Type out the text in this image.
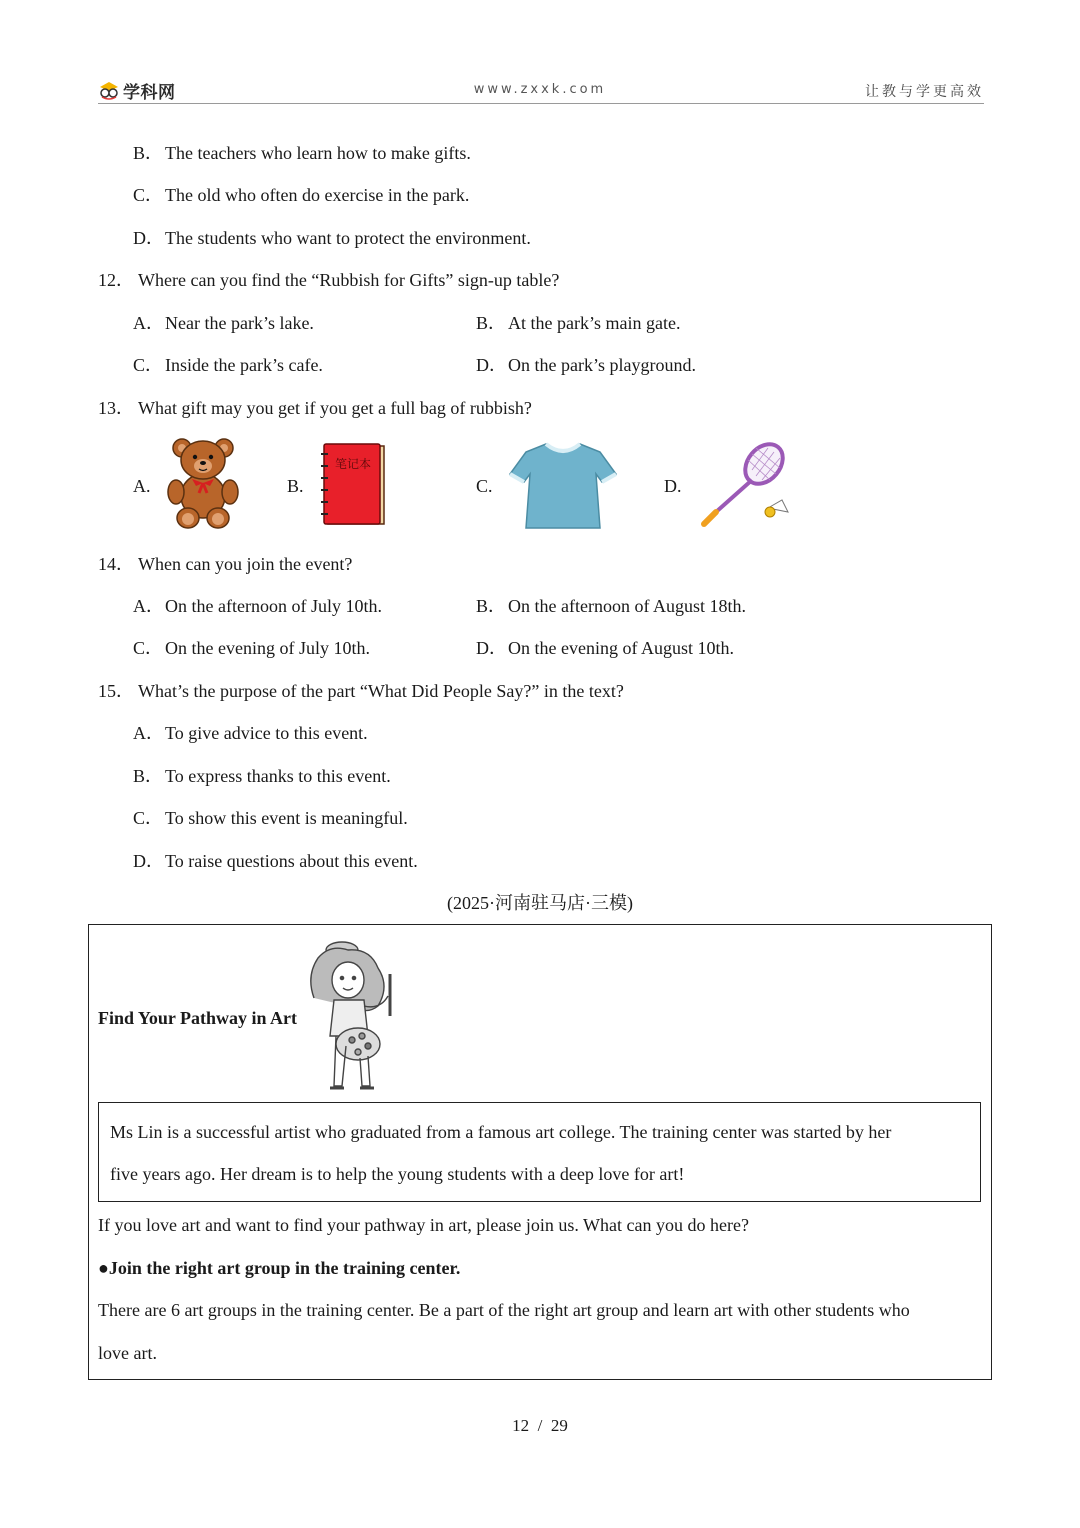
学科网	www.zxxk.com	让教与学更高效
B． The teachers who learn how to make gifts.
C． The old who often do exercise in the park.
D．The students who want to protect the environment.
12． Where can you find the “Rubbish for Gifts” sign-up table?
A．Near the park’s lake.	B． At the park’s main gate.
C． Inside the park’s cafe.	D．On the park’s playground.
13． What gift may you get if you get a full bag of rubbish?
A.	B.
笔记本
C.	D.
14． When can you join the event?
A．On the afternoon of July 10th.	B． On the afternoon of August 18th.
C． On the evening of July 10th.	D．On the evening of August 10th.
15． What’s the purpose of the part “What Did People Say?” in the text?
A．To give advice to this event.
B． To express thanks to this event.
C． To show this event is meaningful.
D．To raise questions about this event.
(2025·河南驻马店·三模)
Find Your Pathway in Art
Ms Lin is a successful artist who graduated from a famous art college. The training center was started by her
five years ago. Her dream is to help the young students with a deep love for art!
If you love art and want to find your pathway in art, please join us. What can you do here?
●Join the right art group in the training center.
There are 6 art groups in the training center. Be a part of the right art group and learn art with other students who
love art.
12 / 29
